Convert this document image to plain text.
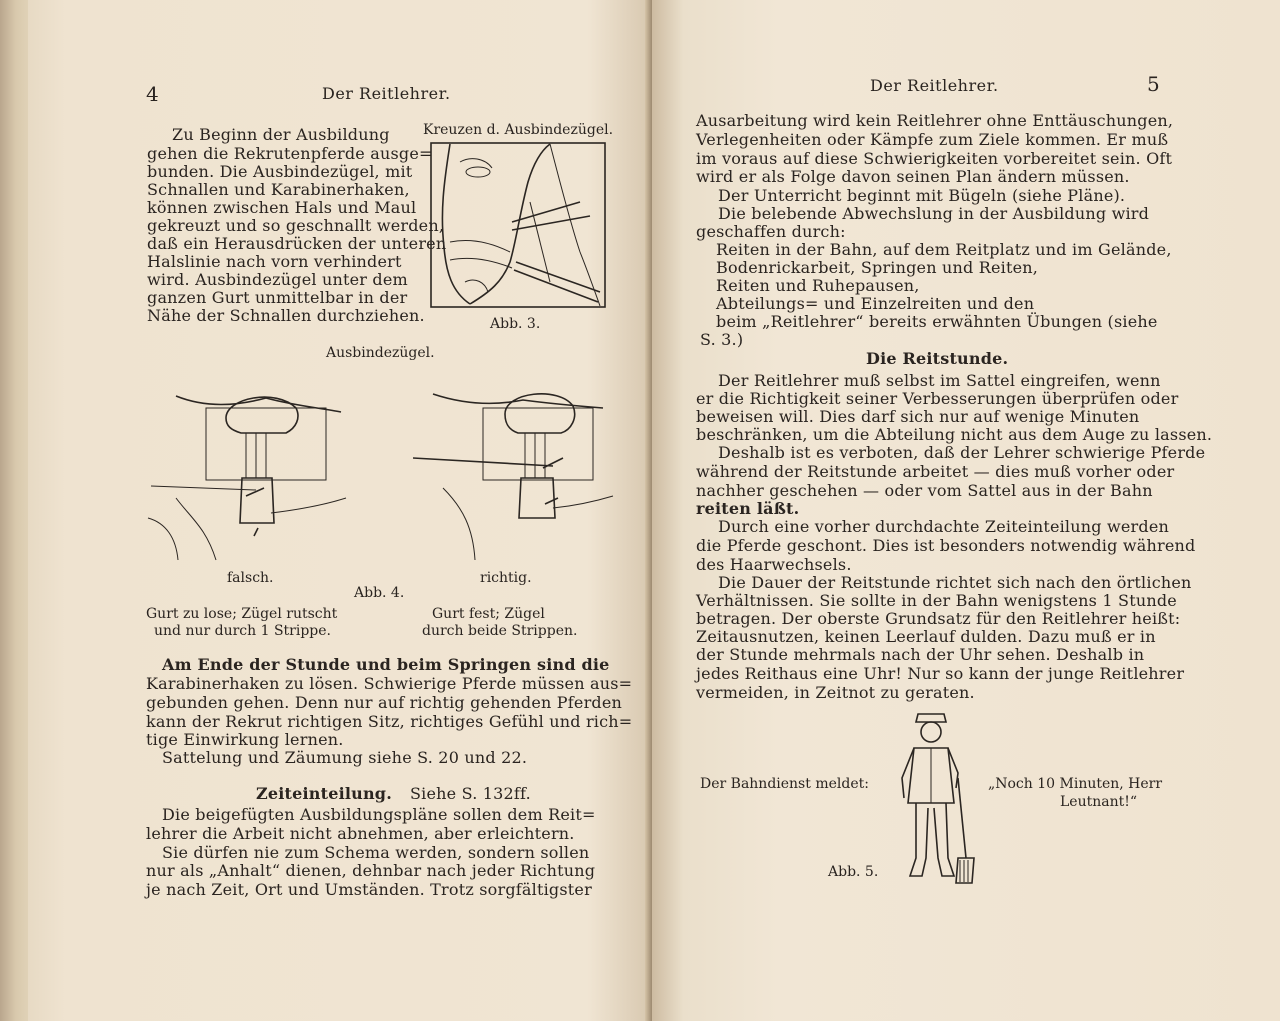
4	Der Reitlehrer.
Kreuzen d. Ausbindezügel.
Zu Beginn der Ausbildung
gehen die Rekrutenpferde ausge=
bunden. Die Ausbindezügel, mit
Schnallen und Karabinerhaken,
können zwischen Hals und Maul
gekreuzt und so geschnallt werden,
daß ein Herausdrücken der unteren
Halslinie nach vorn verhindert
wird. Ausbindezügel unter dem
ganzen Gurt unmittelbar in der
Nähe der Schnallen durchziehen.	Abb. 3.
Ausbindezügel.
falsch.	richtig.
Abb. 4.
Gurt zu lose; Zügel rutscht
und nur durch 1 Strippe.
Gurt fest; Zügel
durch beide Strippen.
Am Ende der Stunde und beim Springen sind die
Karabinerhaken zu lösen. Schwierige Pferde müssen aus=
gebunden gehen. Denn nur auf richtig gehenden Pferden
kann der Rekrut richtigen Sitz, richtiges Gefühl und rich=
tige Einwirkung lernen.
Sattelung und Zäumung siehe S. 20 und 22.
Zeiteinteilung. Siehe S. 132ff.
Die beigefügten Ausbildungspläne sollen dem Reit=
lehrer die Arbeit nicht abnehmen, aber erleichtern.
Sie dürfen nie zum Schema werden, sondern sollen
nur als „Anhalt“ dienen, dehnbar nach jeder Richtung
je nach Zeit, Ort und Umständen. Trotz sorgfältigster
Der Reitlehrer.	5
Ausarbeitung wird kein Reitlehrer ohne Enttäuschungen,
Verlegenheiten oder Kämpfe zum Ziele kommen. Er muß
im voraus auf diese Schwierigkeiten vorbereitet sein. Oft
wird er als Folge davon seinen Plan ändern müssen.
Der Unterricht beginnt mit Bügeln (siehe Pläne).
Die belebende Abwechslung in der Ausbildung wird
geschaffen durch:
Reiten in der Bahn, auf dem Reitplatz und im Gelände,
Bodenrickarbeit, Springen und Reiten,
Reiten und Ruhepausen,
Abteilungs= und Einzelreiten und den
beim „Reitlehrer“ bereits erwähnten Übungen (siehe
S. 3.)
Die Reitstunde.
Der Reitlehrer muß selbst im Sattel eingreifen, wenn
er die Richtigkeit seiner Verbesserungen überprüfen oder
beweisen will. Dies darf sich nur auf wenige Minuten
beschränken, um die Abteilung nicht aus dem Auge zu lassen.
Deshalb ist es verboten, daß der Lehrer schwierige Pferde
während der Reitstunde arbeitet — dies muß vorher oder
nachher geschehen — oder vom Sattel aus in der Bahn
reiten läßt.
Durch eine vorher durchdachte Zeiteinteilung werden
die Pferde geschont. Dies ist besonders notwendig während
des Haarwechsels.
Die Dauer der Reitstunde richtet sich nach den örtlichen
Verhältnissen. Sie sollte in der Bahn wenigstens 1 Stunde
betragen. Der oberste Grundsatz für den Reitlehrer heißt:
Zeitausnutzen, keinen Leerlauf dulden. Dazu muß er in
der Stunde mehrmals nach der Uhr sehen. Deshalb in
jedes Reithaus eine Uhr! Nur so kann der junge Reitlehrer
vermeiden, in Zeitnot zu geraten.
Der Bahndienst meldet:	„Noch 10 Minuten, Herr
Leutnant!“
Abb. 5.
